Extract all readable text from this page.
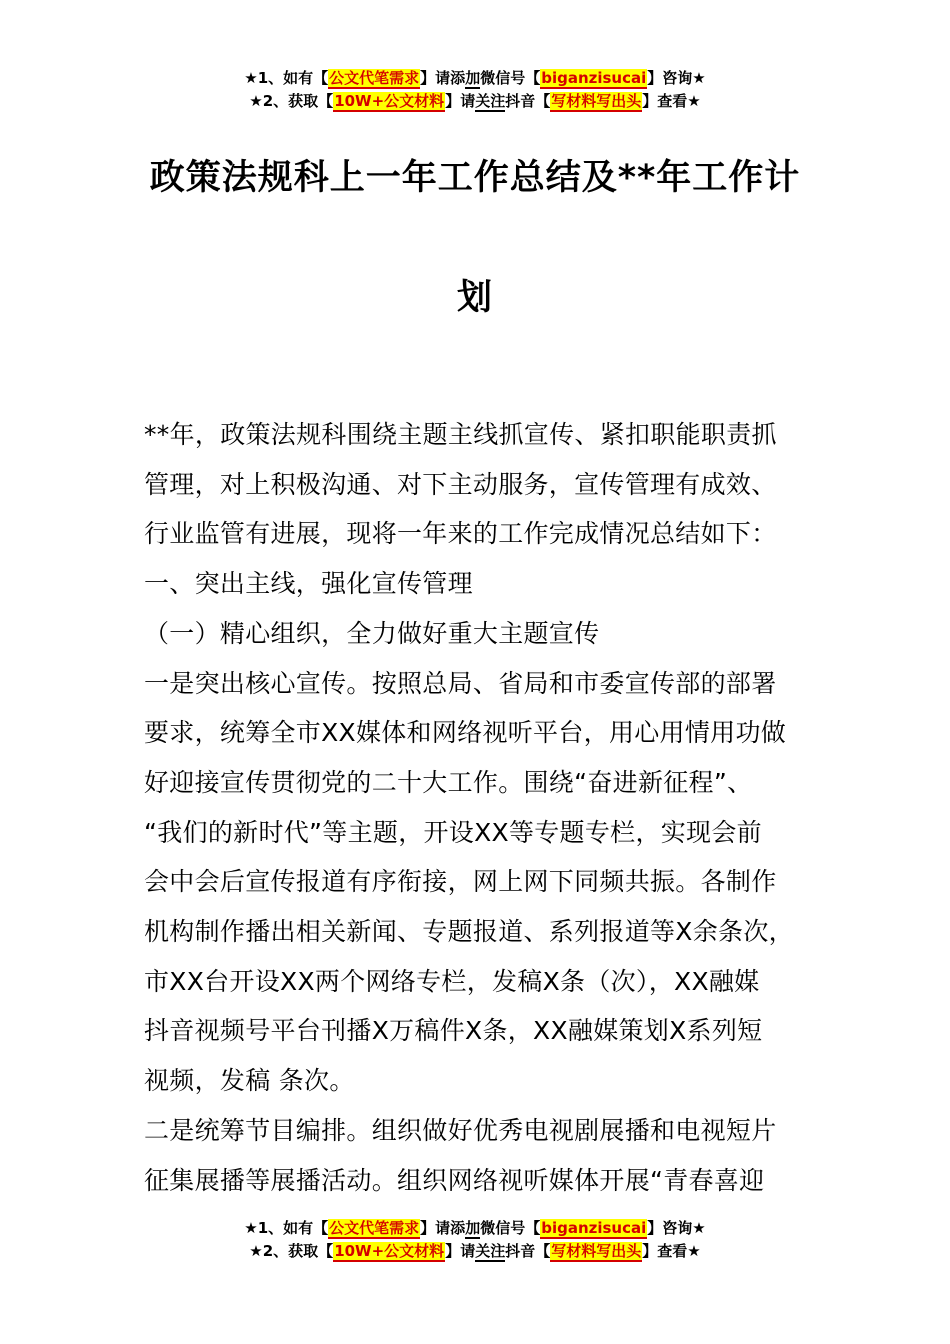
★1、如有【公文代笔需求】请添加微信号【biganzisucai】咨询★
★2、获取【10W+公文材料】请关注抖音【写材料写出头】查看★
政策法规科上一年工作总结及**年工作计
划

**年，政策法规科围绕主题主线抓宣传、紧扣职能职责抓

管理，对上积极沟通、对下主动服务，宣传管理有成效、

行业监管有进展，现将一年来的工作完成情况总结如下：

一、突出主线，强化宣传管理

（一）精心组织，全力做好重大主题宣传

一是突出核心宣传。按照总局、省局和市委宣传部的部署

要求，统筹全市XX媒体和网络视听平台，用心用情用功做

好迎接宣传贯彻党的二十大工作。围绕“奋进新征程”、

“我们的新时代”等主题，开设XX等专题专栏，实现会前

会中会后宣传报道有序衔接，网上网下同频共振。各制作

机构制作播出相关新闻、专题报道、系列报道等X余条次，

市XX台开设XX两个网络专栏，发稿X条（次），XX融媒

抖音视频号平台刊播X万稿件X条，XX融媒策划X系列短

视频，发稿 条次。

二是统筹节目编排。组织做好优秀电视剧展播和电视短片

征集展播等展播活动。组织网络视听媒体开展“青春喜迎

★1、如有【公文代笔需求】请添加微信号【biganzisucai】咨询★
★2、获取【10W+公文材料】请关注抖音【写材料写出头】查看★
